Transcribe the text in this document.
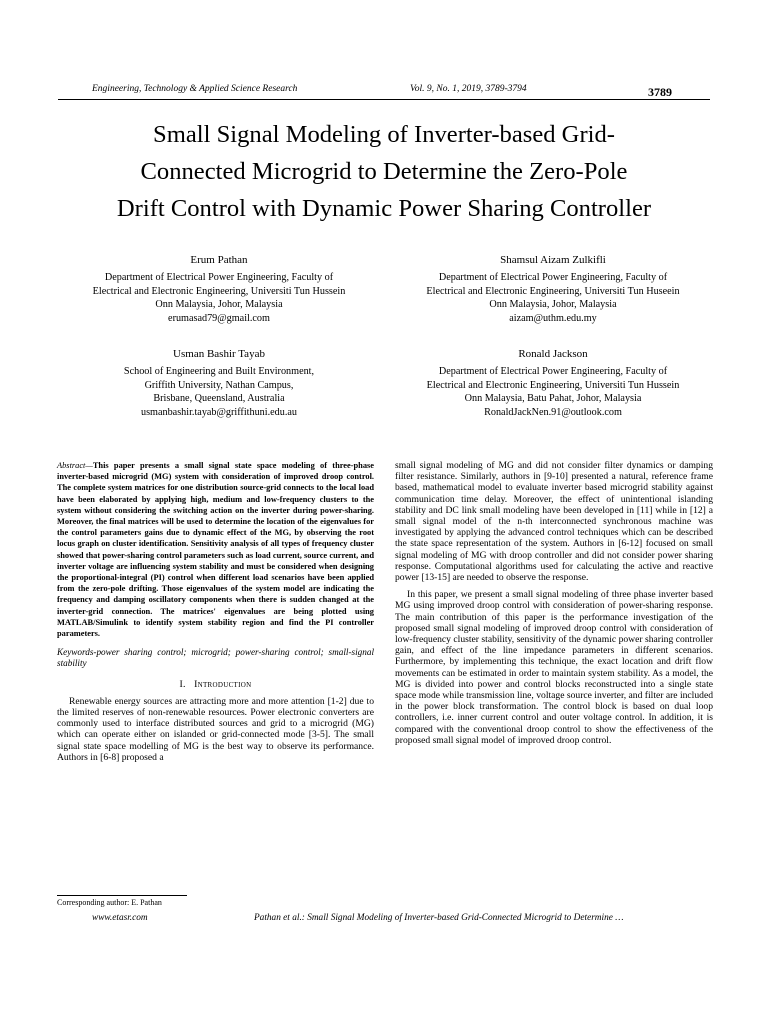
Engineering, Technology & Applied Science Research	Vol. 9, No. 1, 2019, 3789-3794	3789
Small Signal Modeling of Inverter-based Grid-
Connected Microgrid to Determine the Zero-Pole
Drift Control with Dynamic Power Sharing Controller
Erum Pathan
Department of Electrical Power Engineering, Faculty of
Electrical and Electronic Engineering, Universiti Tun Hussein
Onn Malaysia, Johor, Malaysia
erumasad79@gmail.com
Shamsul Aizam Zulkifli
Department of Electrical Power Engineering, Faculty of
Electrical and Electronic Engineering, Universiti Tun Huseein
Onn Malaysia, Johor, Malaysia
aizam@uthm.edu.my
Usman Bashir Tayab
School of Engineering and Built Environment,
Griffith University, Nathan Campus,
Brisbane, Queensland, Australia
usmanbashir.tayab@griffithuni.edu.au
Ronald Jackson
Department of Electrical Power Engineering, Faculty of
Electrical and Electronic Engineering, Universiti Tun Hussein
Onn Malaysia, Batu Pahat, Johor, Malaysia
RonaldJackNen.91@outlook.com
Abstract—This paper presents a small signal state space modeling of three-phase inverter-based microgrid (MG) system with consideration of improved droop control. The complete system matrices for one distribution source-grid connects to the local load have been elaborated by applying high, medium and low-frequency clusters to the system without considering the switching action on the inverter during power-sharing. Moreover, the final matrices will be used to determine the location of the eigenvalues for the control parameters gains due to dynamic effect of the MG, by observing the root locus graph on cluster identification. Sensitivity analysis of all types of frequency cluster showed that power-sharing control parameters such as load current, source current, and inverter voltage are influencing system stability and must be considered when designing the proportional-integral (PI) control when different load scenarios have been applied from the zero-pole drifting. Those eigenvalues of the system model are indicating the frequency and damping oscillatory components when there is sudden changed at the inverter-grid connection. The matrices' eigenvalues are being plotted using MATLAB/Simulink to identify system stability region and find the PI controller parameters.
Keywords-power sharing control; microgrid; power-sharing control; small-signal stability
I. Introduction

Renewable energy sources are attracting more and more attention [1-2] due to the limited reserves of non-renewable resources. Power electronic converters are commonly used to interface distributed sources and grid to a microgrid (MG) which can operate either on islanded or grid-connected mode [3-5]. The small signal state space modelling of MG is the best way to observe its performance. Authors in [6-8] proposed a

small signal modeling of MG and did not consider filter dynamics or damping filter resistance. Similarly, authors in [9-10] presented a natural, reference frame based, mathematical model to evaluate inverter based microgrid stability against communication time delay. Moreover, the effect of unintentional islanding stability and DC link small modeling have been developed in [11] while in [12] a small signal model of the n-th interconnected synchronous machine was investigated by applying the advanced control techniques which can be described the state space representation of the system. Authors in [6-12] focused on small signal modeling of MG with droop controller and did not consider power sharing response. Computational algorithms used for calculating the active and reactive power [13-15] are needed to observe the response.

In this paper, we present a small signal modeling of three phase inverter based MG using improved droop control with consideration of power-sharing response. The main contribution of this paper is the performance investigation of the proposed small signal modeling of improved droop control with consideration of low-frequency cluster stability, sensitivity of the dynamic power sharing controller gain, and effect of the line impedance parameters in different scenarios. Furthermore, by implementing this technique, the exact location and drift flow movements can be estimated in order to maintain system stability. As a model, the MG is divided into power and control blocks reconstructed into a single state space mode while transmission line, voltage source inverter, and filter are included in the power block transformation. The control block is based on dual loop controllers, i.e. inner current control and outer voltage control. In addition, it is compared with the conventional droop control to show the effectiveness of the proposed small signal model of improved droop control.

Corresponding author: E. Pathan
www.etasr.com	Pathan et al.: Small Signal Modeling of Inverter-based Grid-Connected Microgrid to Determine …
